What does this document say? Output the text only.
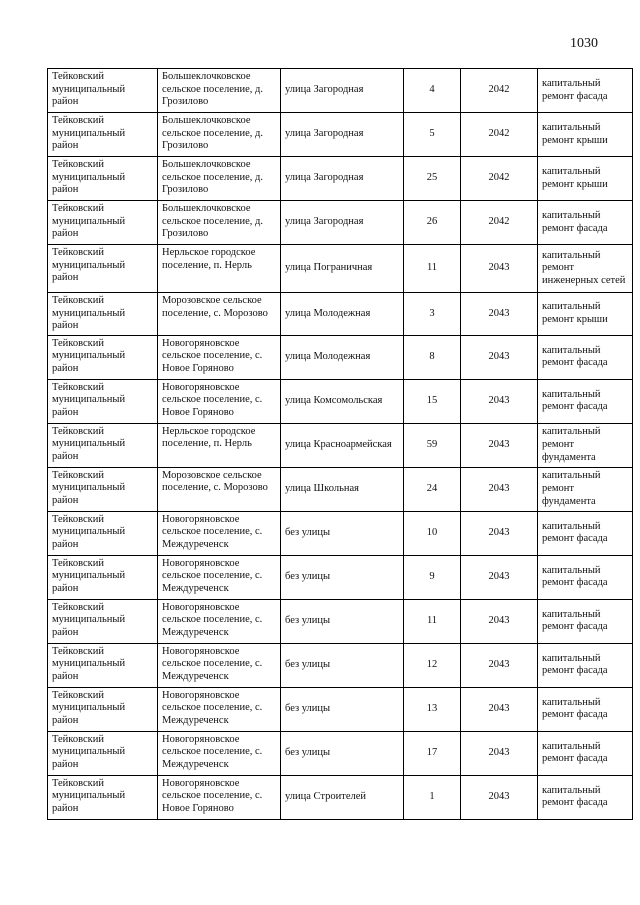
1030
Тейковский муниципальный район	Большеклочковское сельское поселение, д. Грозилово	улица Загородная	4	2042	капитальный ремонт фасада
Тейковский муниципальный район	Большеклочковское сельское поселение, д. Грозилово	улица Загородная	5	2042	капитальный ремонт крыши
Тейковский муниципальный район	Большеклочковское сельское поселение, д. Грозилово	улица Загородная	25	2042	капитальный ремонт крыши
Тейковский муниципальный район	Большеклочковское сельское поселение, д. Грозилово	улица Загородная	26	2042	капитальный ремонт фасада
Тейковский муниципальный район	Нерльское городское поселение, п. Нерль	улица Пограничная	11	2043	капитальный ремонт инженерных сетей
Тейковский муниципальный район	Морозовское сельское поселение, с. Морозово	улица Молодежная	3	2043	капитальный ремонт крыши
Тейковский муниципальный район	Новогоряновское сельское поселение, с. Новое Горяново	улица Молодежная	8	2043	капитальный ремонт фасада
Тейковский муниципальный район	Новогоряновское сельское поселение, с. Новое Горяново	улица Комсомольская	15	2043	капитальный ремонт фасада
Тейковский муниципальный район	Нерльское городское поселение, п. Нерль	улица Красноармейская	59	2043	капитальный ремонт фундамента
Тейковский муниципальный район	Морозовское сельское поселение, с. Морозово	улица Школьная	24	2043	капитальный ремонт фундамента
Тейковский муниципальный район	Новогоряновское сельское поселение, с. Междуреченск	без улицы	10	2043	капитальный ремонт фасада
Тейковский муниципальный район	Новогоряновское сельское поселение, с. Междуреченск	без улицы	9	2043	капитальный ремонт фасада
Тейковский муниципальный район	Новогоряновское сельское поселение, с. Междуреченск	без улицы	11	2043	капитальный ремонт фасада
Тейковский муниципальный район	Новогоряновское сельское поселение, с. Междуреченск	без улицы	12	2043	капитальный ремонт фасада
Тейковский муниципальный район	Новогоряновское сельское поселение, с. Междуреченск	без улицы	13	2043	капитальный ремонт фасада
Тейковский муниципальный район	Новогоряновское сельское поселение, с. Междуреченск	без улицы	17	2043	капитальный ремонт фасада
Тейковский муниципальный район	Новогоряновское сельское поселение, с. Новое Горяново	улица Строителей	1	2043	капитальный ремонт фасада
